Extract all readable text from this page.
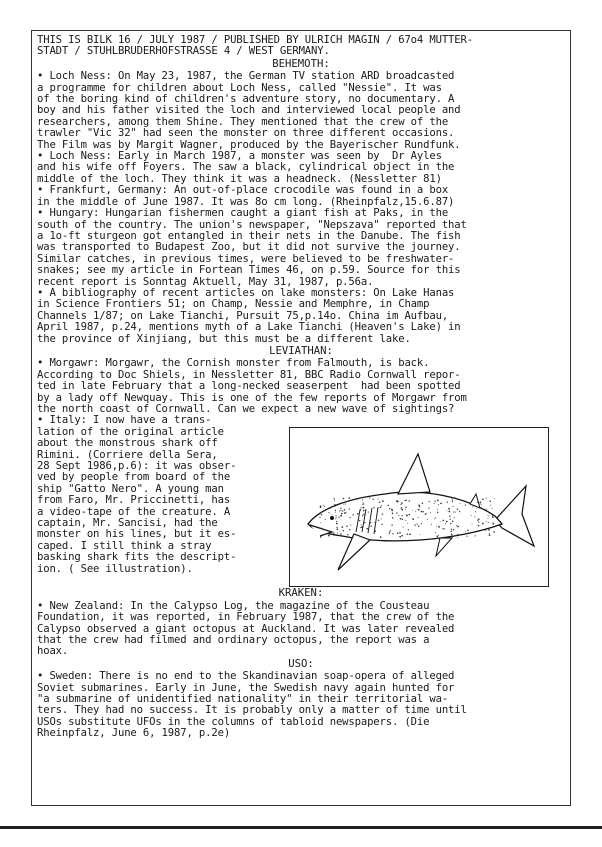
THIS IS BILK 16 / JULY 1987 / PUBLISHED BY ULRICH MAGIN / 67o4 MUTTER-
STADT / STUHLBRUDERHOFSTRASSE 4 / WEST GERMANY.
BEHEMOTH:
• Loch Ness: On May 23, 1987, the German TV station ARD broadcasted
a programme for children about Loch Ness, called "Nessie". It was
of the boring kind of children's adventure story, no documentary. A
boy and his father visited the loch and interviewed local people and
researchers, among them Shine. They mentioned that the crew of the
trawler "Vic 32" had seen the monster on three different occasions.
The Film was by Margit Wagner, produced by the Bayerischer Rundfunk.
• Loch Ness: Early in March 1987, a monster was seen by  Dr Ayles
and his wife off Foyers. The saw a black, cylindrical object in the
middle of the loch. They think it was a headneck. (Nessletter 81)
• Frankfurt, Germany: An out-of-place crocodile was found in a box
in the middle of June 1987. It was 8o cm long. (Rheinpfalz,15.6.87)
• Hungary: Hungarian fishermen caught a giant fish at Paks, in the
south of the country. The union's newspaper, "Nepszava" reported that
a 1o-ft sturgeon got entangled in their nets in the Danube. The fish
was transported to Budapest Zoo, but it did not survive the journey.
Similar catches, in previous times, were believed to be freshwater-
snakes; see my article in Fortean Times 46, on p.59. Source for this
recent report is Sonntag Aktuell, May 31, 1987, p.56a.
• A bibliography of recent articles on lake monsters: On Lake Hanas
in Science Frontiers 51; on Champ, Nessie and Memphre, in Champ
Channels 1/87; on Lake Tianchi, Pursuit 75,p.14o. China im Aufbau,
April 1987, p.24, mentions myth of a Lake Tianchi (Heaven's Lake) in
the province of Xinjiang, but this must be a different lake.
LEVIATHAN:
• Morgawr: Morgawr, the Cornish monster from Falmouth, is back.
According to Doc Shiels, in Nessletter 81, BBC Radio Cornwall repor-
ted in late February that a long-necked seaserpent  had been spotted
by a lady off Newquay. This is one of the few reports of Morgawr from
the north coast of Cornwall. Can we expect a new wave of sightings?
• Italy: I now have a trans-
lation of the original article
about the monstrous shark off
Rimini. (Corriere della Sera,
28 Sept 1986,p.6): it was obser-
ved by people from board of the
ship "Gatto Nero". A young man
from Faro, Mr. Priccinetti, has
a video-tape of the creature. A
captain, Mr. Sancisi, had the
monster on his lines, but it es-
caped. I still think a stray
basking shark fits the descript-
ion. ( See illustration).
KRAKEN:
• New Zealand: In the Calypso Log, the magazine of the Cousteau
Foundation, it was reported, in February 1987, that the crew of the
Calypso observed a giant octopus at Auckland. It was later revealed
that the crew had filmed and ordinary octopus, the report was a
hoax.
USO:
• Sweden: There is no end to the Skandinavian soap-opera of alleged
Soviet submarines. Early in June, the Swedish navy again hunted for
"a submarine of unidentified nationality" in their territorial wa-
ters. They had no success. It is probably only a matter of time until
USOs substitute UFOs in the columns of tabloid newspapers. (Die
Rheinpfalz, June 6, 1987, p.2e)
